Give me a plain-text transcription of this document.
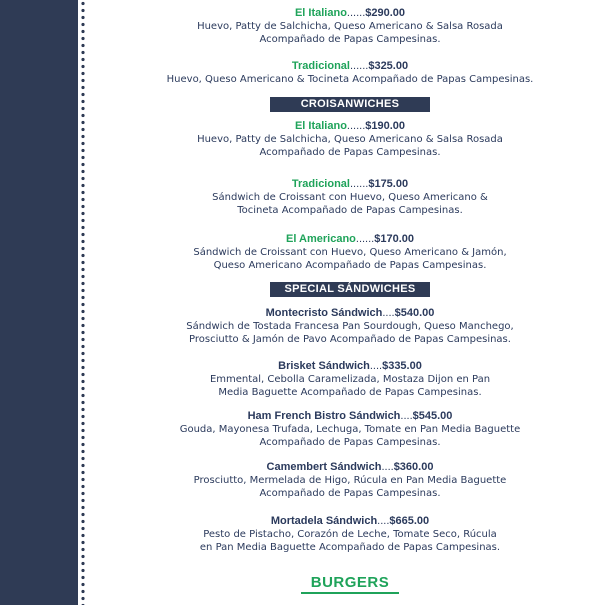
El Italiano......$290.00
Huevo, Patty de Salchicha, Queso Americano & Salsa Rosada
Acompañado de Papas Campesinas.
Tradicional......$325.00
Huevo, Queso Americano & Tocineta Acompañado de Papas Campesinas.
CROISANWICHES
El Italiano......$190.00
Huevo, Patty de Salchicha, Queso Americano & Salsa Rosada
Acompañado de Papas Campesinas.
Tradicional......$175.00
Sándwich de Croissant con Huevo, Queso Americano &
Tocineta Acompañado de Papas Campesinas.
El Americano......$170.00
Sándwich de Croissant con Huevo, Queso Americano & Jamón,
Queso Americano Acompañado de Papas Campesinas.
SPECIAL SÁNDWICHES
Montecristo Sándwich....$540.00
Sándwich de Tostada Francesa Pan Sourdough, Queso Manchego,
Prosciutto & Jamón de Pavo Acompañado de Papas Campesinas.
Brisket Sándwich....$335.00
Emmental, Cebolla Caramelizada, Mostaza Dijon en Pan
Media Baguette Acompañado de Papas Campesinas.
Ham French Bistro Sándwich....$545.00
Gouda, Mayonesa Trufada, Lechuga, Tomate en Pan Media Baguette
Acompañado de Papas Campesinas.
Camembert Sándwich....$360.00
Prosciutto, Mermelada de Higo, Rúcula en Pan Media Baguette
Acompañado de Papas Campesinas.
Mortadela Sándwich....$665.00
Pesto de Pistacho, Corazón de Leche, Tomate Seco, Rúcula
en Pan Media Baguette Acompañado de Papas Campesinas.
BURGERS
